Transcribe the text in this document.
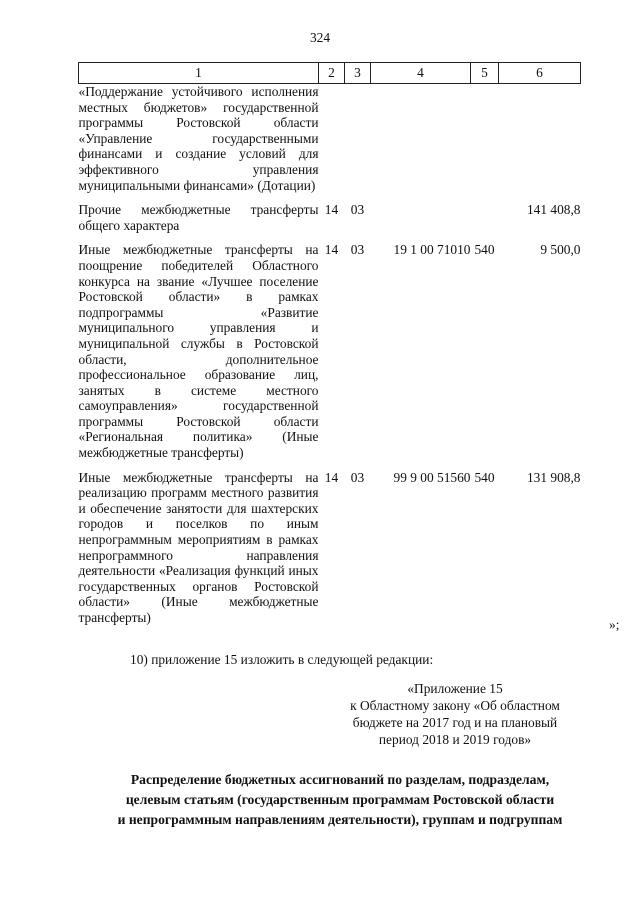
324
1	2	3	4	5	6
«Поддержание устойчивого исполнения местных бюджетов» государственной программы Ростовской области «Управление государственными финансами и создание условий для эффективного управления муниципальными финансами» (Дотации)					
Прочие межбюджетные трансферты общего характера	14	03			141 408,8
Иные межбюджетные трансферты на поощрение победителей Областного конкурса на звание «Лучшее поселение Ростовской области» в рамках подпрограммы «Развитие муниципального управления и муниципальной службы в Ростовской области, дополнительное профессиональное образование лиц, занятых в системе местного самоуправления» государственной программы Ростовской области «Региональная политика» (Иные межбюджетные трансферты)	14	03	19 1 00 71010	540	9 500,0
Иные межбюджетные трансферты на реализацию программ местного развития и обеспечение занятости для шахтерских городов и поселков по иным непрограммным мероприятиям в рамках непрограммного направления деятельности «Реализация функций иных государственных органов Ростовской области» (Иные межбюджетные трансферты)	14	03	99 9 00 51560	540	131 908,8
»;
10) приложение 15 изложить в следующей редакции:
«Приложение 15
к Областному закону «Об областном
бюджете на 2017 год и на плановый
период 2018 и 2019 годов»
Распределение бюджетных ассигнований по разделам, подразделам,
целевым статьям (государственным программам Ростовской области
и непрограммным направлениям деятельности), группам и подгруппам
